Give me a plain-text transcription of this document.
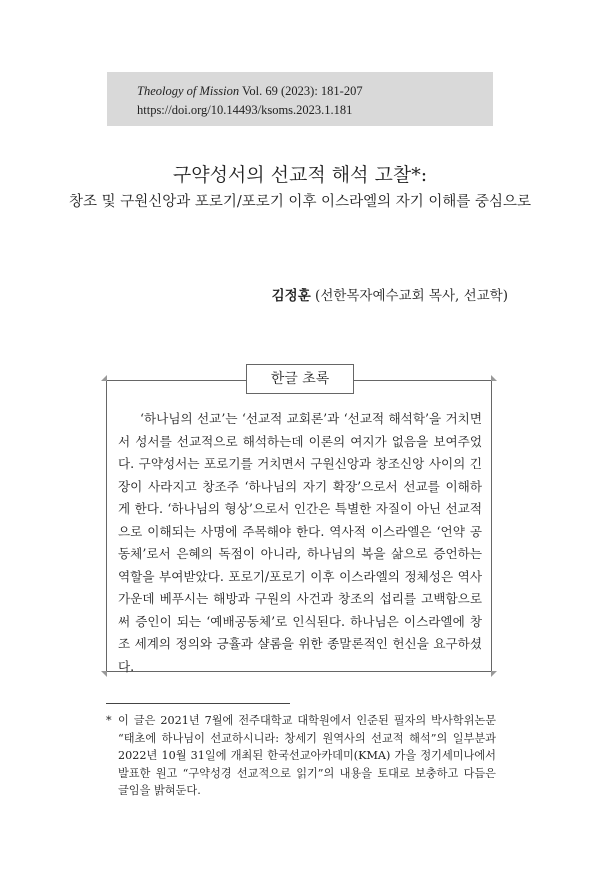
Theology of Mission Vol. 69 (2023): 181-207
https://doi.org/10.14493/ksoms.2023.1.181
구약성서의 선교적 해석 고찰*:
창조 및 구원신앙과 포로기/포로기 이후 이스라엘의 자기 이해를 중심으로
김정훈 (선한목자예수교회 목사, 선교학)
한글 초록

‘하나님의 선교’는 ‘선교적 교회론’과 ‘선교적 해석학’을 거치면서 성서를 선교적으로 해석하는데 이론의 여지가 없음을 보여주었다. 구약성서는 포로기를 거치면서 구원신앙과 창조신앙 사이의 긴장이 사라지고 창조주 ‘하나님의 자기 확장’으로서 선교를 이해하게 한다. ‘하나님의 형상’으로서 인간은 특별한 자질이 아닌 선교적으로 이해되는 사명에 주목해야 한다. 역사적 이스라엘은 ‘언약 공동체’로서 은혜의 독점이 아니라, 하나님의 복을 삶으로 증언하는 역할을 부여받았다. 포로기/포로기 이후 이스라엘의 정체성은 역사 가운데 베푸시는 해방과 구원의 사건과 창조의 섭리를 고백함으로써 증인이 되는 ‘예배공동체’로 인식된다. 하나님은 이스라엘에 창조 세계의 정의와 긍휼과 샬롬을 위한 종말론적인 헌신을 요구하셨다.

* 이 글은 2021년 7월에 전주대학교 대학원에서 인준된 필자의 박사학위논문 “태초에 하나님이 선교하시니라: 창세기 원역사의 선교적 해석”의 일부분과 2022년 10월 31일에 개최된 한국선교아카데미(KMA) 가을 정기세미나에서 발표한 원고 “구약성경 선교적으로 읽기”의 내용을 토대로 보충하고 다듬은 글임을 밝혀둔다.
